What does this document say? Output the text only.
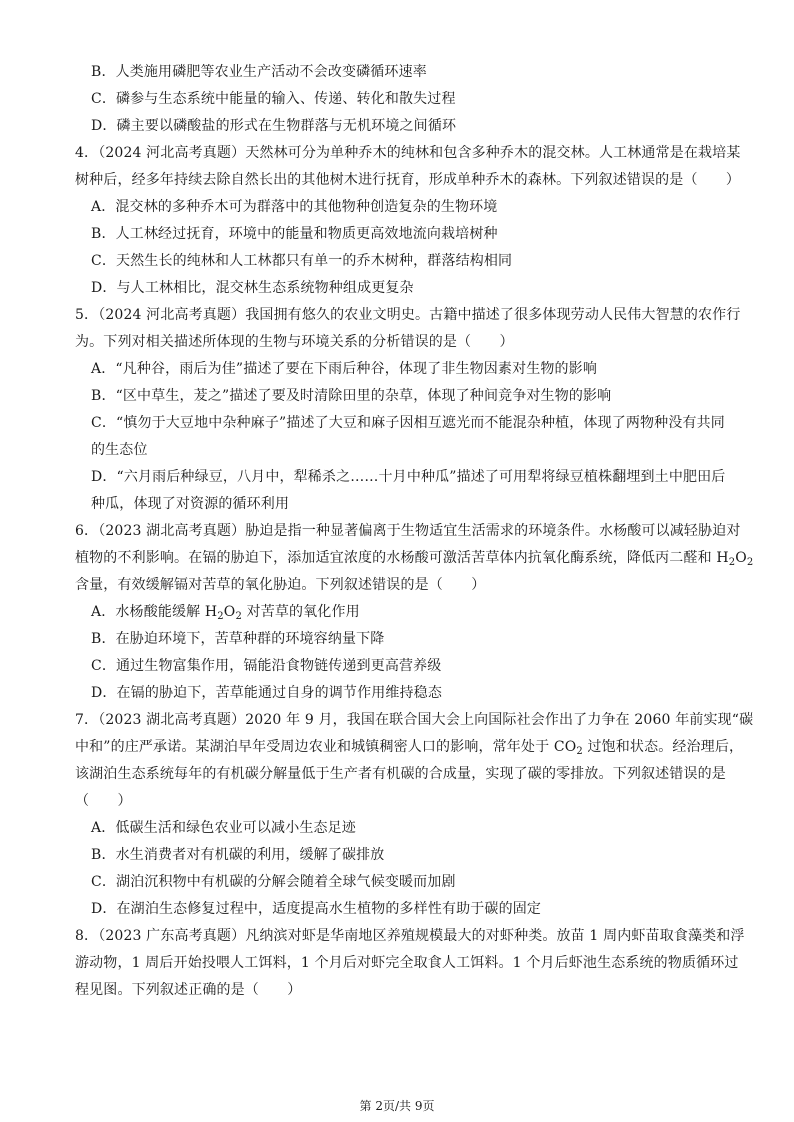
B．人类施用磷肥等农业生产活动不会改变磷循环速率
C．磷参与生态系统中能量的输入、传递、转化和散失过程
D．磷主要以磷酸盐的形式在生物群落与无机环境之间循环
4．（2024 河北高考真题）天然林可分为单种乔木的纯林和包含多种乔木的混交林。人工林通常是在栽培某
树种后，经多年持续去除自然长出的其他树木进行抚育，形成单种乔木的森林。下列叙述错误的是（　　）
A．混交林的多种乔木可为群落中的其他物种创造复杂的生物环境
B．人工林经过抚育，环境中的能量和物质更高效地流向栽培树种
C．天然生长的纯林和人工林都只有单一的乔木树种，群落结构相同
D．与人工林相比，混交林生态系统物种组成更复杂
5．（2024 河北高考真题）我国拥有悠久的农业文明史。古籍中描述了很多体现劳动人民伟大智慧的农作行
为。下列对相关描述所体现的生物与环境关系的分析错误的是（　　）
A．“凡种谷，雨后为佳”描述了要在下雨后种谷，体现了非生物因素对生物的影响
B．“区中草生，茇之”描述了要及时清除田里的杂草，体现了种间竞争对生物的影响
C．“慎勿于大豆地中杂种麻子”描述了大豆和麻子因相互遮光而不能混杂种植，体现了两物种没有共同
的生态位
D．“六月雨后种绿豆，八月中，犁稀杀之……十月中种瓜”描述了可用犁将绿豆植株翻埋到土中肥田后
种瓜，体现了对资源的循环利用
6．（2023 湖北高考真题）胁迫是指一种显著偏离于生物适宜生活需求的环境条件。水杨酸可以减轻胁迫对
植物的不利影响。在镉的胁迫下，添加适宜浓度的水杨酸可激活苦草体内抗氧化酶系统，降低丙二醛和 $H_2O_2$
含量，有效缓解镉对苦草的氧化胁迫。下列叙述错误的是（　　）
A．水杨酸能缓解 $H_2O_2$ 对苦草的氧化作用
B．在胁迫环境下，苦草种群的环境容纳量下降
C．通过生物富集作用，镉能沿食物链传递到更高营养级
D．在镉的胁迫下，苦草能通过自身的调节作用维持稳态
7．（2023 湖北高考真题）2020 年 9 月，我国在联合国大会上向国际社会作出了力争在 2060 年前实现“碳
中和”的庄严承诺。某湖泊早年受周边农业和城镇稠密人口的影响，常年处于 $CO_2$ 过饱和状态。经治理后，
该湖泊生态系统每年的有机碳分解量低于生产者有机碳的合成量，实现了碳的零排放。下列叙述错误的是
（　　）
A．低碳生活和绿色农业可以减小生态足迹
B．水生消费者对有机碳的利用，缓解了碳排放
C．湖泊沉积物中有机碳的分解会随着全球气候变暖而加剧
D．在湖泊生态修复过程中，适度提高水生植物的多样性有助于碳的固定
8．（2023 广东高考真题）凡纳滨对虾是华南地区养殖规模最大的对虾种类。放苗 1 周内虾苗取食藻类和浮
游动物，1 周后开始投喂人工饵料，1 个月后对虾完全取食人工饵料。1 个月后虾池生态系统的物质循环过
程见图。下列叙述正确的是（　　）
第 2页/共 9页
